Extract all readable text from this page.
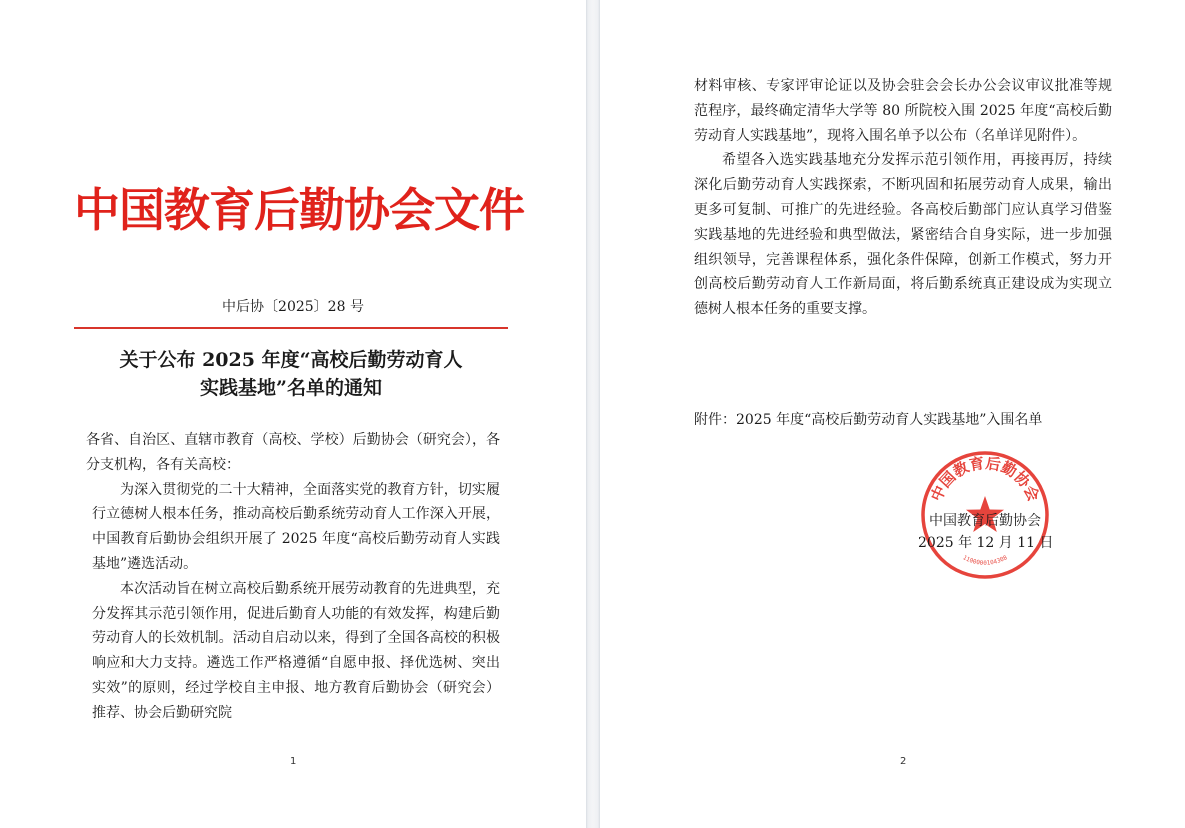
中国教育后勤协会文件
中后协〔2025〕28 号
关于公布 2025 年度“高校后勤劳动育人
实践基地”名单的通知
1	2

各省、自治区、直辖市教育（高校、学校）后勤协会（研究会），各分支机构，各有关高校：

为深入贯彻党的二十大精神，全面落实党的教育方针，切实履行立德树人根本任务，推动高校后勤系统劳动育人工作深入开展，中国教育后勤协会组织开展了 2025 年度“高校后勤劳动育人实践基地”遴选活动。

本次活动旨在树立高校后勤系统开展劳动教育的先进典型，充分发挥其示范引领作用，促进后勤育人功能的有效发挥，构建后勤劳动育人的长效机制。活动自启动以来，得到了全国各高校的积极响应和大力支持。遴选工作严格遵循“自愿申报、择优选树、突出实效”的原则，经过学校自主申报、地方教育后勤协会（研究会）推荐、协会后勤研究院

材料审核、专家评审论证以及协会驻会会长办公会议审议批准等规范程序，最终确定清华大学等 80 所院校入围 2025 年度“高校后勤劳动育人实践基地”，现将入围名单予以公布（名单详见附件）。

希望各入选实践基地充分发挥示范引领作用，再接再厉，持续深化后勤劳动育人实践探索，不断巩固和拓展劳动育人成果，输出更多可复制、可推广的先进经验。各高校后勤部门应认真学习借鉴实践基地的先进经验和典型做法，紧密结合自身实际，进一步加强组织领导，完善课程体系，强化条件保障，创新工作模式，努力开创高校后勤劳动育人工作新局面，将后勤系统真正建设成为实现立德树人根本任务的重要支撑。

附件：2025 年度“高校后勤劳动育人实践基地”入围名单
中国教育后勤协会
1100000104308
中国教育后勤协会
2025 年 12 月 11 日
